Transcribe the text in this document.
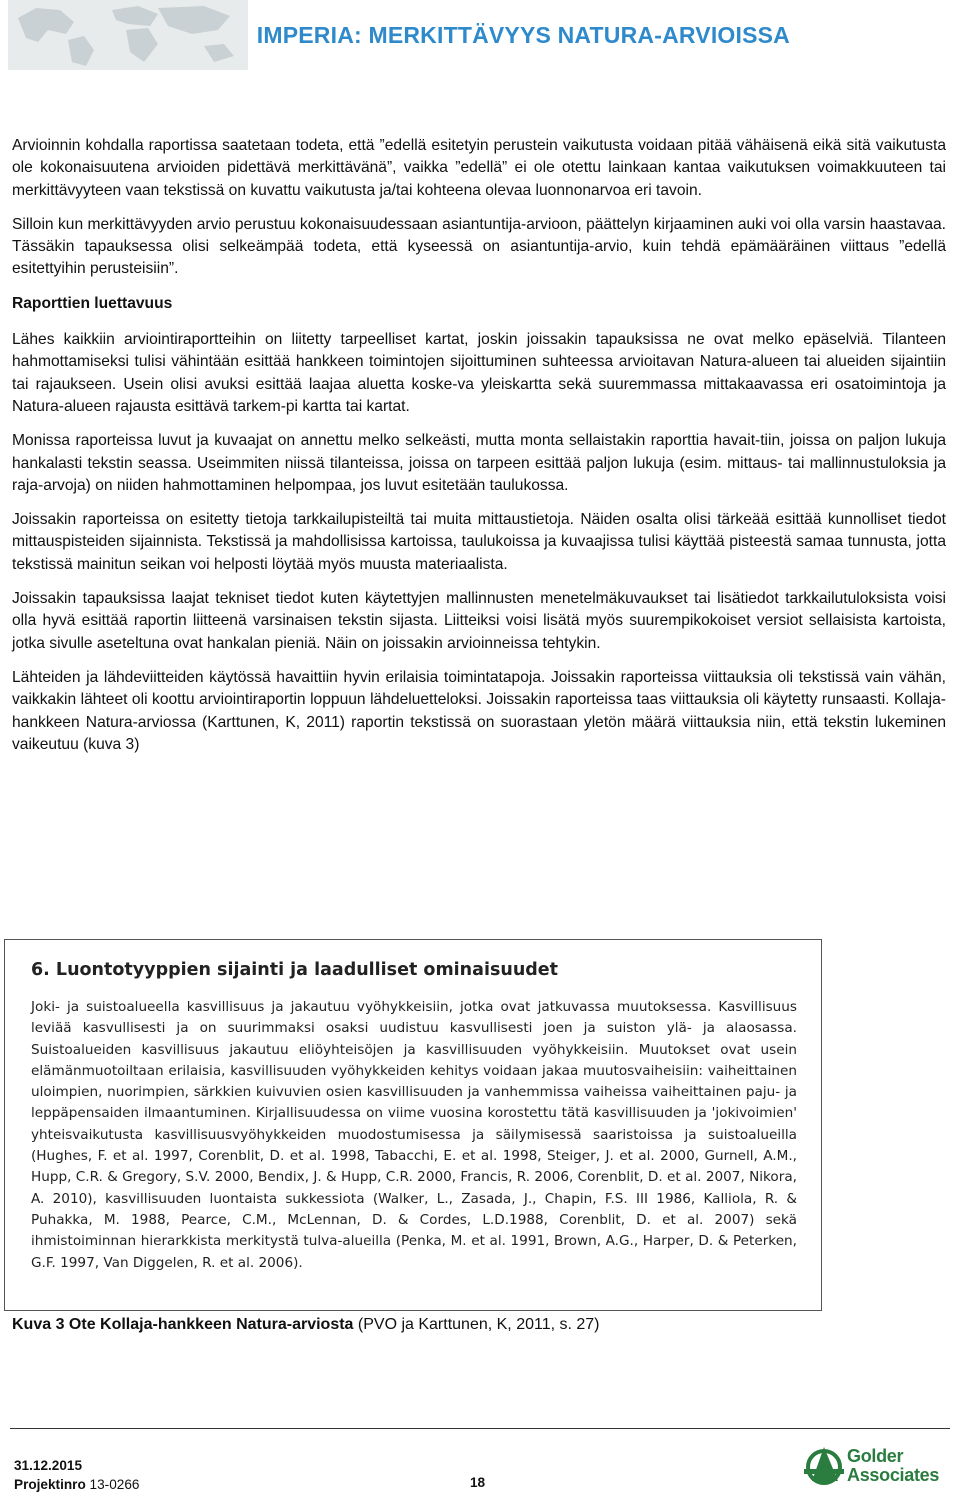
IMPERIA: MERKITTÄVYYS NATURA-ARVIOISSA

Arvioinnin kohdalla raportissa saatetaan todeta, että ”edellä esitetyin perustein vaikutusta voidaan pitää vähäisenä eikä sitä vaikutusta ole kokonaisuutena arvioiden pidettävä merkittävänä”, vaikka ”edellä” ei ole otettu lainkaan kantaa vaikutuksen voimakkuuteen tai merkittävyyteen vaan tekstissä on kuvattu vaikutusta ja/tai kohteena olevaa luonnonarvoa eri tavoin.

Silloin kun merkittävyyden arvio perustuu kokonaisuudessaan asiantuntija-arvioon, päättelyn kirjaaminen auki voi olla varsin haastavaa. Tässäkin tapauksessa olisi selkeämpää todeta, että kyseessä on asiantuntija-arvio, kuin tehdä epämääräinen viittaus ”edellä esitettyihin perusteisiin”.

Raporttien luettavuus

Lähes kaikkiin arviointiraportteihin on liitetty tarpeelliset kartat, joskin joissakin tapauksissa ne ovat melko epäselviä. Tilanteen hahmottamiseksi tulisi vähintään esittää hankkeen toimintojen sijoittuminen suhteessa arvioitavan Natura-alueen tai alueiden sijaintiin tai rajaukseen. Usein olisi avuksi esittää laajaa aluetta koske-va yleiskartta sekä suuremmassa mittakaavassa eri osatoimintoja ja Natura-alueen rajausta esittävä tarkem-pi kartta tai kartat.

Monissa raporteissa luvut ja kuvaajat on annettu melko selkeästi, mutta monta sellaistakin raporttia havait-tiin, joissa on paljon lukuja hankalasti tekstin seassa. Useimmiten niissä tilanteissa, joissa on tarpeen esittää paljon lukuja (esim. mittaus- tai mallinnustuloksia ja raja-arvoja) on niiden hahmottaminen helpompaa, jos luvut esitetään taulukossa.

Joissakin raporteissa on esitetty tietoja tarkkailupisteiltä tai muita mittaustietoja. Näiden osalta olisi tärkeää esittää kunnolliset tiedot mittauspisteiden sijainnista. Tekstissä ja mahdollisissa kartoissa, taulukoissa ja kuvaajissa tulisi käyttää pisteestä samaa tunnusta, jotta tekstissä mainitun seikan voi helposti löytää myös muusta materiaalista.

Joissakin tapauksissa laajat tekniset tiedot kuten käytettyjen mallinnusten menetelmäkuvaukset tai lisätiedot tarkkailutuloksista voisi olla hyvä esittää raportin liitteenä varsinaisen tekstin sijasta. Liitteiksi voisi lisätä myös suurempikokoiset versiot sellaisista kartoista, jotka sivulle aseteltuna ovat hankalan pieniä. Näin on joissakin arvioinneissa tehtykin.

Lähteiden ja lähdeviitteiden käytössä havaittiin hyvin erilaisia toimintatapoja. Joissakin raporteissa viittauksia oli tekstissä vain vähän, vaikkakin lähteet oli koottu arviointiraportin loppuun lähdeluetteloksi. Joissakin raporteissa taas viittauksia oli käytetty runsaasti. Kollaja-hankkeen Natura-arviossa (Karttunen, K, 2011) raportin tekstissä on suorastaan yletön määrä viittauksia niin, että tekstin lukeminen vaikeutuu (kuva 3)

6. Luontotyyppien sijainti ja laadulliset ominaisuudet
Joki- ja suistoalueella kasvillisuus ja jakautuu vyöhykkeisiin, jotka ovat jatkuvassa muutoksessa. Kasvillisuus leviää kasvullisesti ja on suurimmaksi osaksi uudistuu kasvullisesti joen ja suiston ylä- ja alaosassa. Suistoalueiden kasvillisuus jakautuu eliöyhteisöjen ja kasvillisuuden vyöhykkeisiin. Muutokset ovat usein elämänmuotoiltaan erilaisia, kasvillisuuden vyöhykkeiden kehitys voidaan jakaa muutosvaiheisiin: vaiheittainen uloimpien, nuorimpien, särkkien kuivuvien osien kasvillisuuden ja vanhemmissa vaiheissa vaiheittainen paju- ja leppäpensaiden ilmaantuminen. Kirjallisuudessa on viime vuosina korostettu tätä kasvillisuuden ja 'jokivoimien' yhteisvaikutusta kasvillisuusvyöhykkeiden muodostumisessa ja säilymisessä saaristoissa ja suistoalueilla (Hughes, F. et al. 1997, Corenblit, D. et al. 1998, Tabacchi, E. et al. 1998, Steiger, J. et al. 2000, Gurnell, A.M., Hupp, C.R. & Gregory, S.V. 2000, Bendix, J. & Hupp, C.R. 2000, Francis, R. 2006, Corenblit, D. et al. 2007, Nikora, A. 2010), kasvillisuuden luontaista sukkessiota (Walker, L., Zasada, J., Chapin, F.S. III 1986, Kalliola, R. & Puhakka, M. 1988, Pearce, C.M., McLennan, D. & Cordes, L.D.1988, Corenblit, D. et al. 2007) sekä ihmistoiminnan hierarkkista merkitystä tulva-alueilla (Penka, M. et al. 1991, Brown, A.G., Harper, D. & Peterken, G.F. 1997, Van Diggelen, R. et al. 2006).
Kuva 3 Ote Kollaja-hankkeen Natura-arviosta (PVO ja Karttunen, K, 2011, s. 27)
31.12.2015
Projektinro 13-0266	18
Golder
Associates
